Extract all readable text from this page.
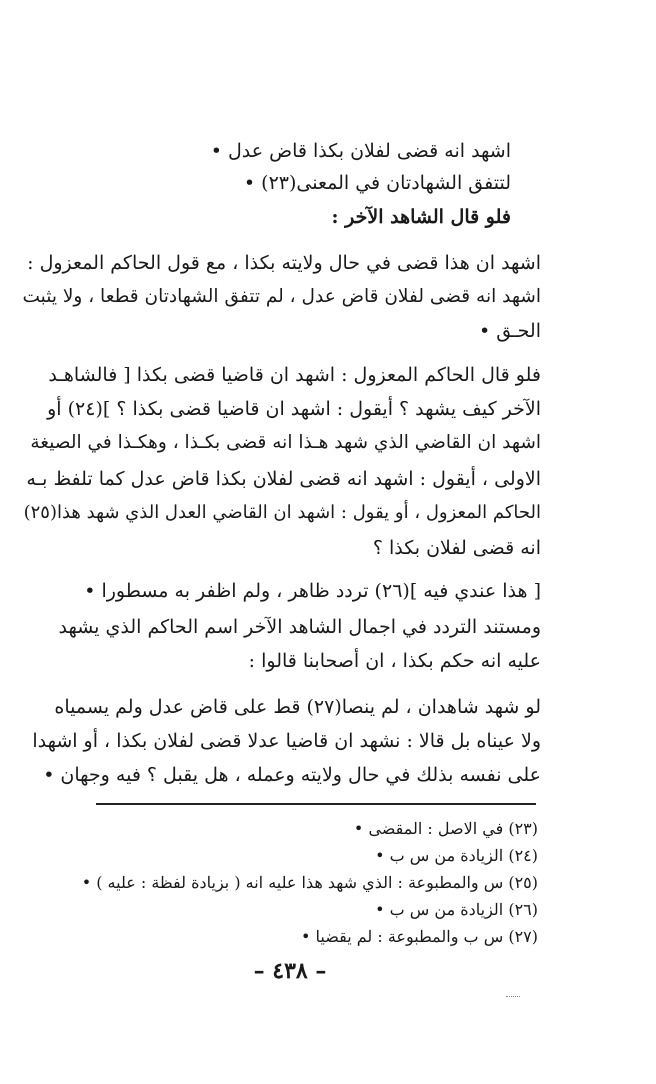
اشهد انه قضى لفلان بكذا قاض عدل •
لتتفق الشهادتان في المعنى(٢٣) •
فلو قال الشاهد الآخر :
اشهد ان هذا قضى في حال ولايته بكذا ، مع قول الحاكم المعزول :
اشهد انه قضى لفلان قاض عدل ، لم تتفق الشهادتان قطعا ، ولا يثبت
الحـق •
فلو قال الحاكم المعزول : اشهد ان قاضيا قضى بكذا [ فالشاهـد
الآخر كيف يشهد ؟ أيقول : اشهد ان قاضيا قضى بكذا ؟ ](٢٤) أو
اشهد ان القاضي الذي شهد هـذا انه قضى بكـذا ، وهكـذا في الصيغة
الاولى ، أيقول : اشهد انه قضى لفلان بكذا قاض عدل كما تلفظ بـه
الحاكم المعزول ، أو يقول : اشهد ان القاضي العدل الذي شهد هذا(٢٥)
انه قضى لفلان بكذا ؟
[ هذا عندي فيه ](٢٦) تردد ظاهر ، ولم اظفر به مسطورا •
ومستند التردد في اجمال الشاهد الآخر اسم الحاكم الذي يشهد
عليه انه حكم بكذا ، ان أصحابنا قالوا :
لو شهد شاهدان ، لم ينصا(٢٧) قط على قاض عدل ولم يسمياه
ولا عيناه بل قالا : نشهد ان قاضيا عدلا قضى لفلان بكذا ، أو اشهدا
على نفسه بذلك في حال ولايته وعمله ، هل يقبل ؟ فيه وجهان •
(٢٣) في الاصل : المقضى •
(٢٤) الزيادة من س ب •
(٢٥) س والمطبوعة : الذي شهد هذا عليه انه ( بزيادة لفظة : عليه ) •
(٢٦) الزيادة من س ب •
(٢٧) س ب والمطبوعة : لم يقضيا •
– ٤٣٨ –
